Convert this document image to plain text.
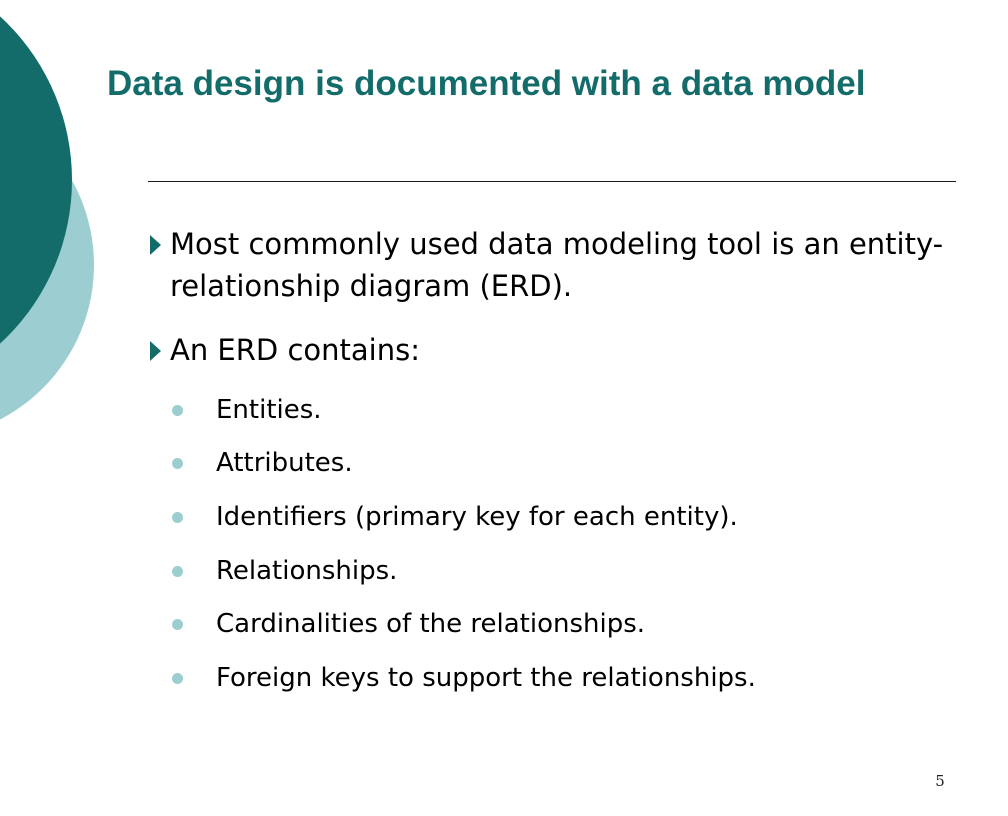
Data design is documented with a data model
Most commonly used data modeling tool is an entity-relationship diagram (ERD).
An ERD contains:
Entities.
Attributes.
Identifiers (primary key for each entity).
Relationships.
Cardinalities of the relationships.
Foreign keys to support the relationships.
5
